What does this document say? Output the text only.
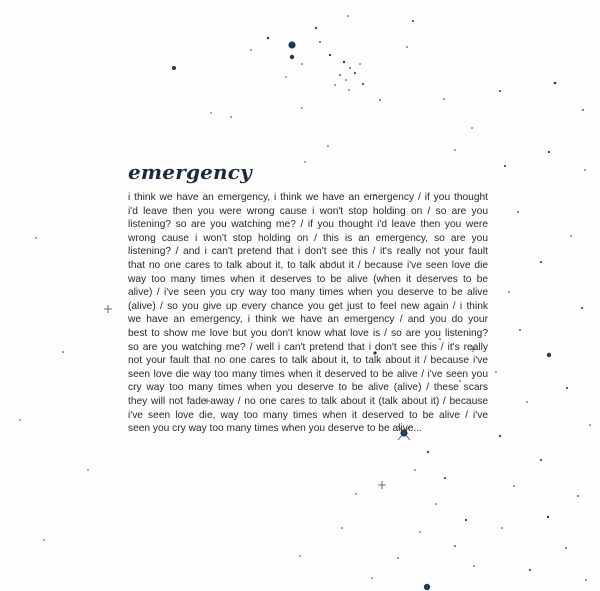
emergency
i think we have an emergency, i think we have an emergency / if you thought
i'd leave then you were wrong cause i won't stop holding on / so are you
listening? so are you watching me? / if you thought i'd leave then you were
wrong cause i won't stop holding on / this is an emergency, so are you
listening? / and i can't pretend that i don't see this / it's really not your fault
that no one cares to talk about it, to talk about it / because i've seen love die
way too many times when it deserves to be alive (when it deserves to be
alive) / i've seen you cry way too many times when you deserve to be alive
(alive) / so you give up every chance you get just to feel new again / i think
we have an emergency, i think we have an emergency / and you do your
best to show me love but you don't know what love is / so are you listening?
so are you watching me? / well i can't pretend that i don't see this / it's really
not your fault that no one cares to talk about it, to talk about it / because i've
seen love die way too many times when it deserved to be alive / i've seen you
cry way too many times when you deserve to be alive (alive) / these scars
they will not fade away / no one cares to talk about it (talk about it) / because
i've seen love die, way too many times when it deserved to be alive / i've
seen you cry way too many times when you deserve to be alive...
